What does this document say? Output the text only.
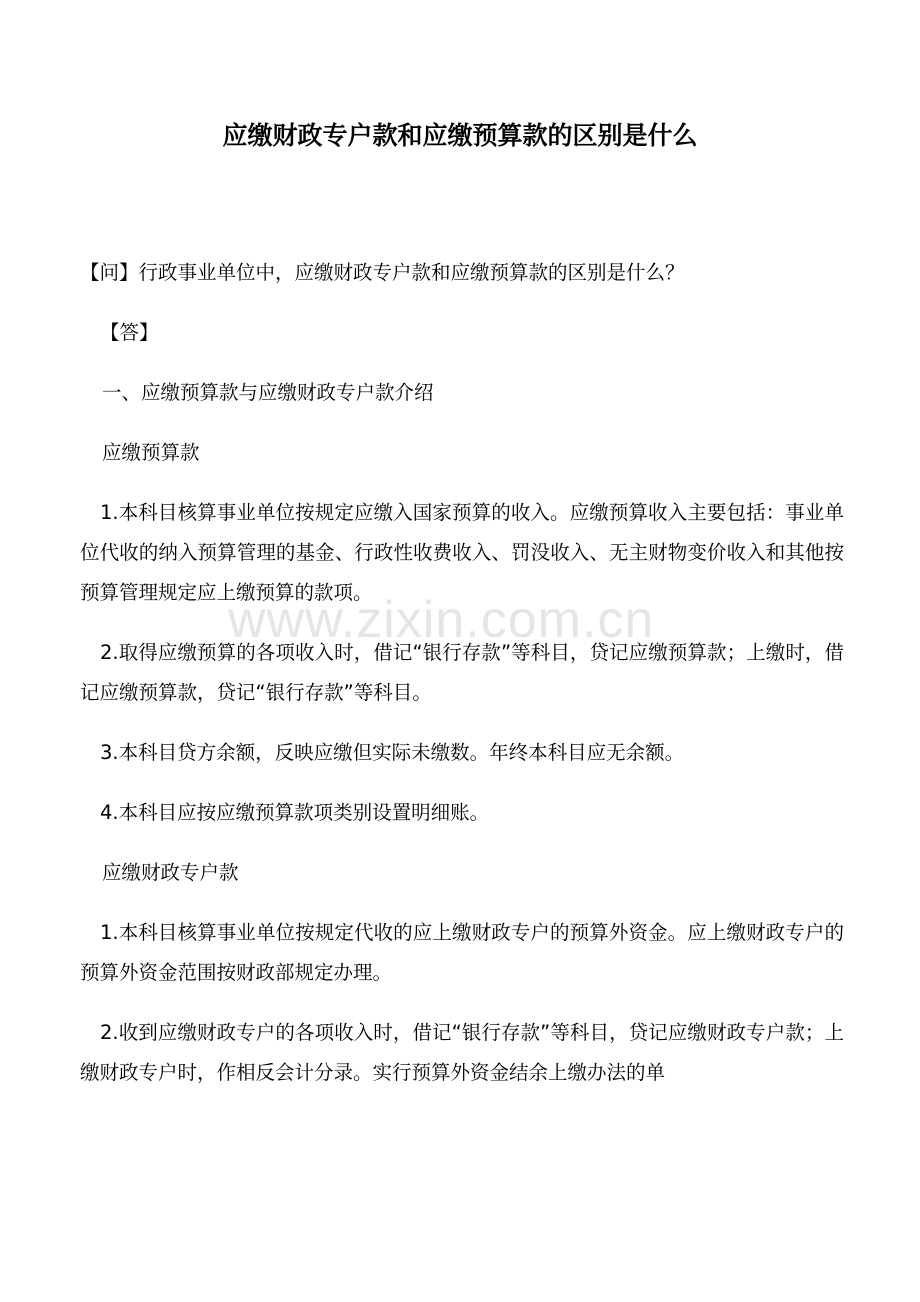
应缴财政专户款和应缴预算款的区别是什么

【问】行政事业单位中，应缴财政专户款和应缴预算款的区别是什么？

【答】

一、应缴预算款与应缴财政专户款介绍

应缴预算款

1.本科目核算事业单位按规定应缴入国家预算的收入。应缴预算收入主要包括：事业单位代收的纳入预算管理的基金、行政性收费收入、罚没收入、无主财物变价收入和其他按预算管理规定应上缴预算的款项。

2.取得应缴预算的各项收入时，借记“银行存款”等科目，贷记应缴预算款；上缴时，借记应缴预算款，贷记“银行存款”等科目。

3.本科目贷方余额，反映应缴但实际未缴数。年终本科目应无余额。

4.本科目应按应缴预算款项类别设置明细账。

应缴财政专户款

1.本科目核算事业单位按规定代收的应上缴财政专户的预算外资金。应上缴财政专户的预算外资金范围按财政部规定办理。

2.收到应缴财政专户的各项收入时，借记“银行存款”等科目，贷记应缴财政专户款；上缴财政专户时，作相反会计分录。实行预算外资金结余上缴办法的单

www.zixin.com.cn
